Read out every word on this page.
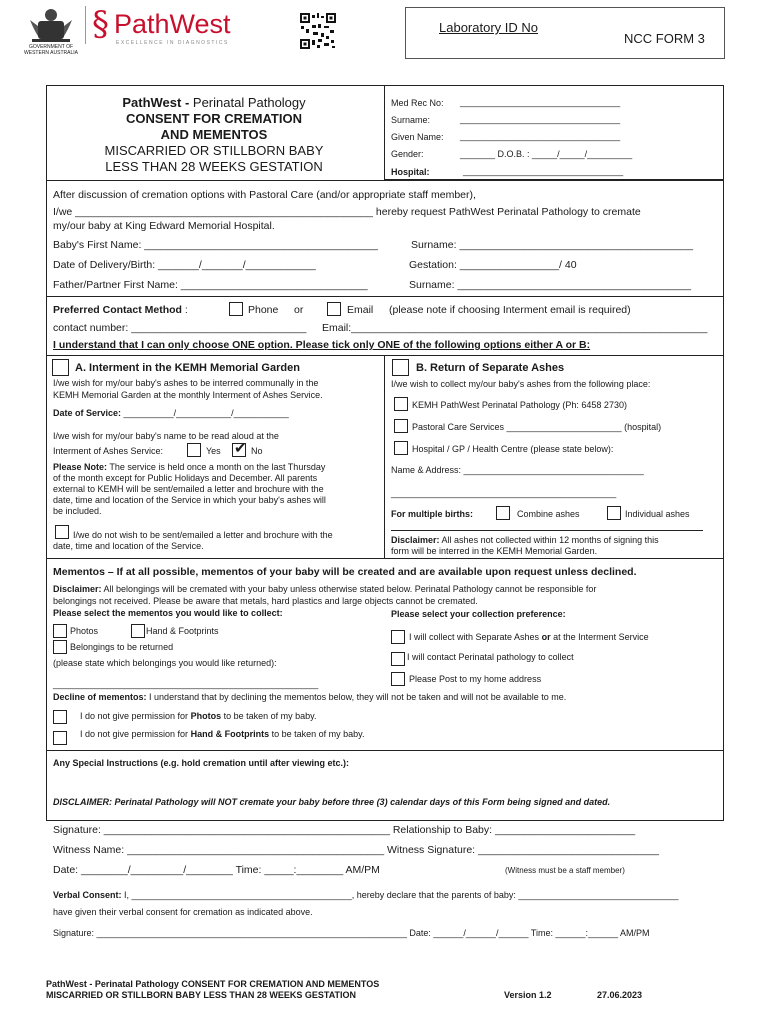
GOVERNMENT OF
WESTERN AUSTRALIA
§ PathWest
EXCELLENCE IN DIAGNOSTICS
Laboratory ID No
NCC FORM 3
PathWest - Perinatal Pathology
CONSENT FOR CREMATION
AND MEMENTOS
MISCARRIED OR STILLBORN BABY
LESS THAN 28 WEEKS GESTATION
Med Rec No: ________________________________
Surname:	________________________________
Given Name: ________________________________
Gender:	_______ D.O.B. : _____/_____/_________
Hospital:	________________________________
After discussion of cremation options with Pastoral Care (and/or appropriate staff member),
I/we ___________________________________________________ hereby request PathWest Perinatal Pathology to cremate
my/our baby at King Edward Memorial Hospital.
Baby's First Name: ________________________________________	Surname: ________________________________________
Date of Delivery/Birth: _______/_______/____________	Gestation: _________________/ 40
Father/Partner First Name: ________________________________	Surname: ________________________________________
Preferred Contact Method :	Phone or	Email (please note if choosing Interment email is required)
contact number: ______________________________ Email:_____________________________________________________________
I understand that I can only choose ONE option. Please tick only ONE of the following options either A or B:
A. Interment in the KEMH Memorial Garden
I/we wish for my/our baby's ashes to be interred communally in the
KEMH Memorial Garden at the monthly Interment of Ashes Service.
Date of Service: __________/___________/___________
I/we wish for my/our baby's name to be read aloud at the
Interment of Ashes Service:	Yes
✔	No
Please Note: The service is held once a month on the last Thursday
of the month except for Public Holidays and December. All parents
external to KEMH will be sent/emailed a letter and brochure with the
date, time and location of the Service in which your baby's ashes will
be included.
I/we do not wish to be sent/emailed a letter and brochure with the
date, time and location of the Service.
B. Return of Separate Ashes
I/we wish to collect my/our baby's ashes from the following place:
KEMH PathWest Perinatal Pathology (Ph: 6458 2730)
Pastoral Care Services _______________________ (hospital)
Hospital / GP / Health Centre (please state below):
Name & Address: ____________________________________
_____________________________________________
For multiple births:	Combine ashes	Individual ashes
Disclaimer: All ashes not collected within 12 months of signing this
form will be interred in the KEMH Memorial Garden.
Mementos – If at all possible, mementos of your baby will be created and are available upon request unless declined.
Disclaimer: All belongings will be cremated with your baby unless otherwise stated below. Perinatal Pathology cannot be responsible for
belongings not received. Please be aware that metals, hard plastics and large objects cannot be cremated.
Please select the mementos you would like to collect:	Please select your collection preference:
Photos	Hand & Footprints
Belongings to be returned
(please state which belongings you would like returned):
_____________________________________________________
I will collect with Separate Ashes or at the Interment Service
I will contact Perinatal pathology to collect
Please Post to my home address
Decline of mementos: I understand that by declining the mementos below, they will not be taken and will not be available to me.
I do not give permission for Photos to be taken of my baby.
I do not give permission for Hand & Footprints to be taken of my baby.
Any Special Instructions (e.g. hold cremation until after viewing etc.):
DISCLAIMER: Perinatal Pathology will NOT cremate your baby before three (3) calendar days of this Form being signed and dated.
Signature: _________________________________________________ Relationship to Baby: ________________________
Witness Name: ____________________________________________ Witness Signature: _______________________________
Date: ________/_________/________ Time: _____:________ AM/PM	(Witness must be a staff member)
Verbal Consent: I, ____________________________________________, hereby declare that the parents of baby: ________________________________
have given their verbal consent for cremation as indicated above.
Signature: ______________________________________________________________ Date: ______/______/______ Time: ______:______ AM/PM
PathWest - Perinatal Pathology CONSENT FOR CREMATION AND MEMENTOS
MISCARRIED OR STILLBORN BABY LESS THAN 28 WEEKS GESTATION	Version 1.2	27.06.2023
